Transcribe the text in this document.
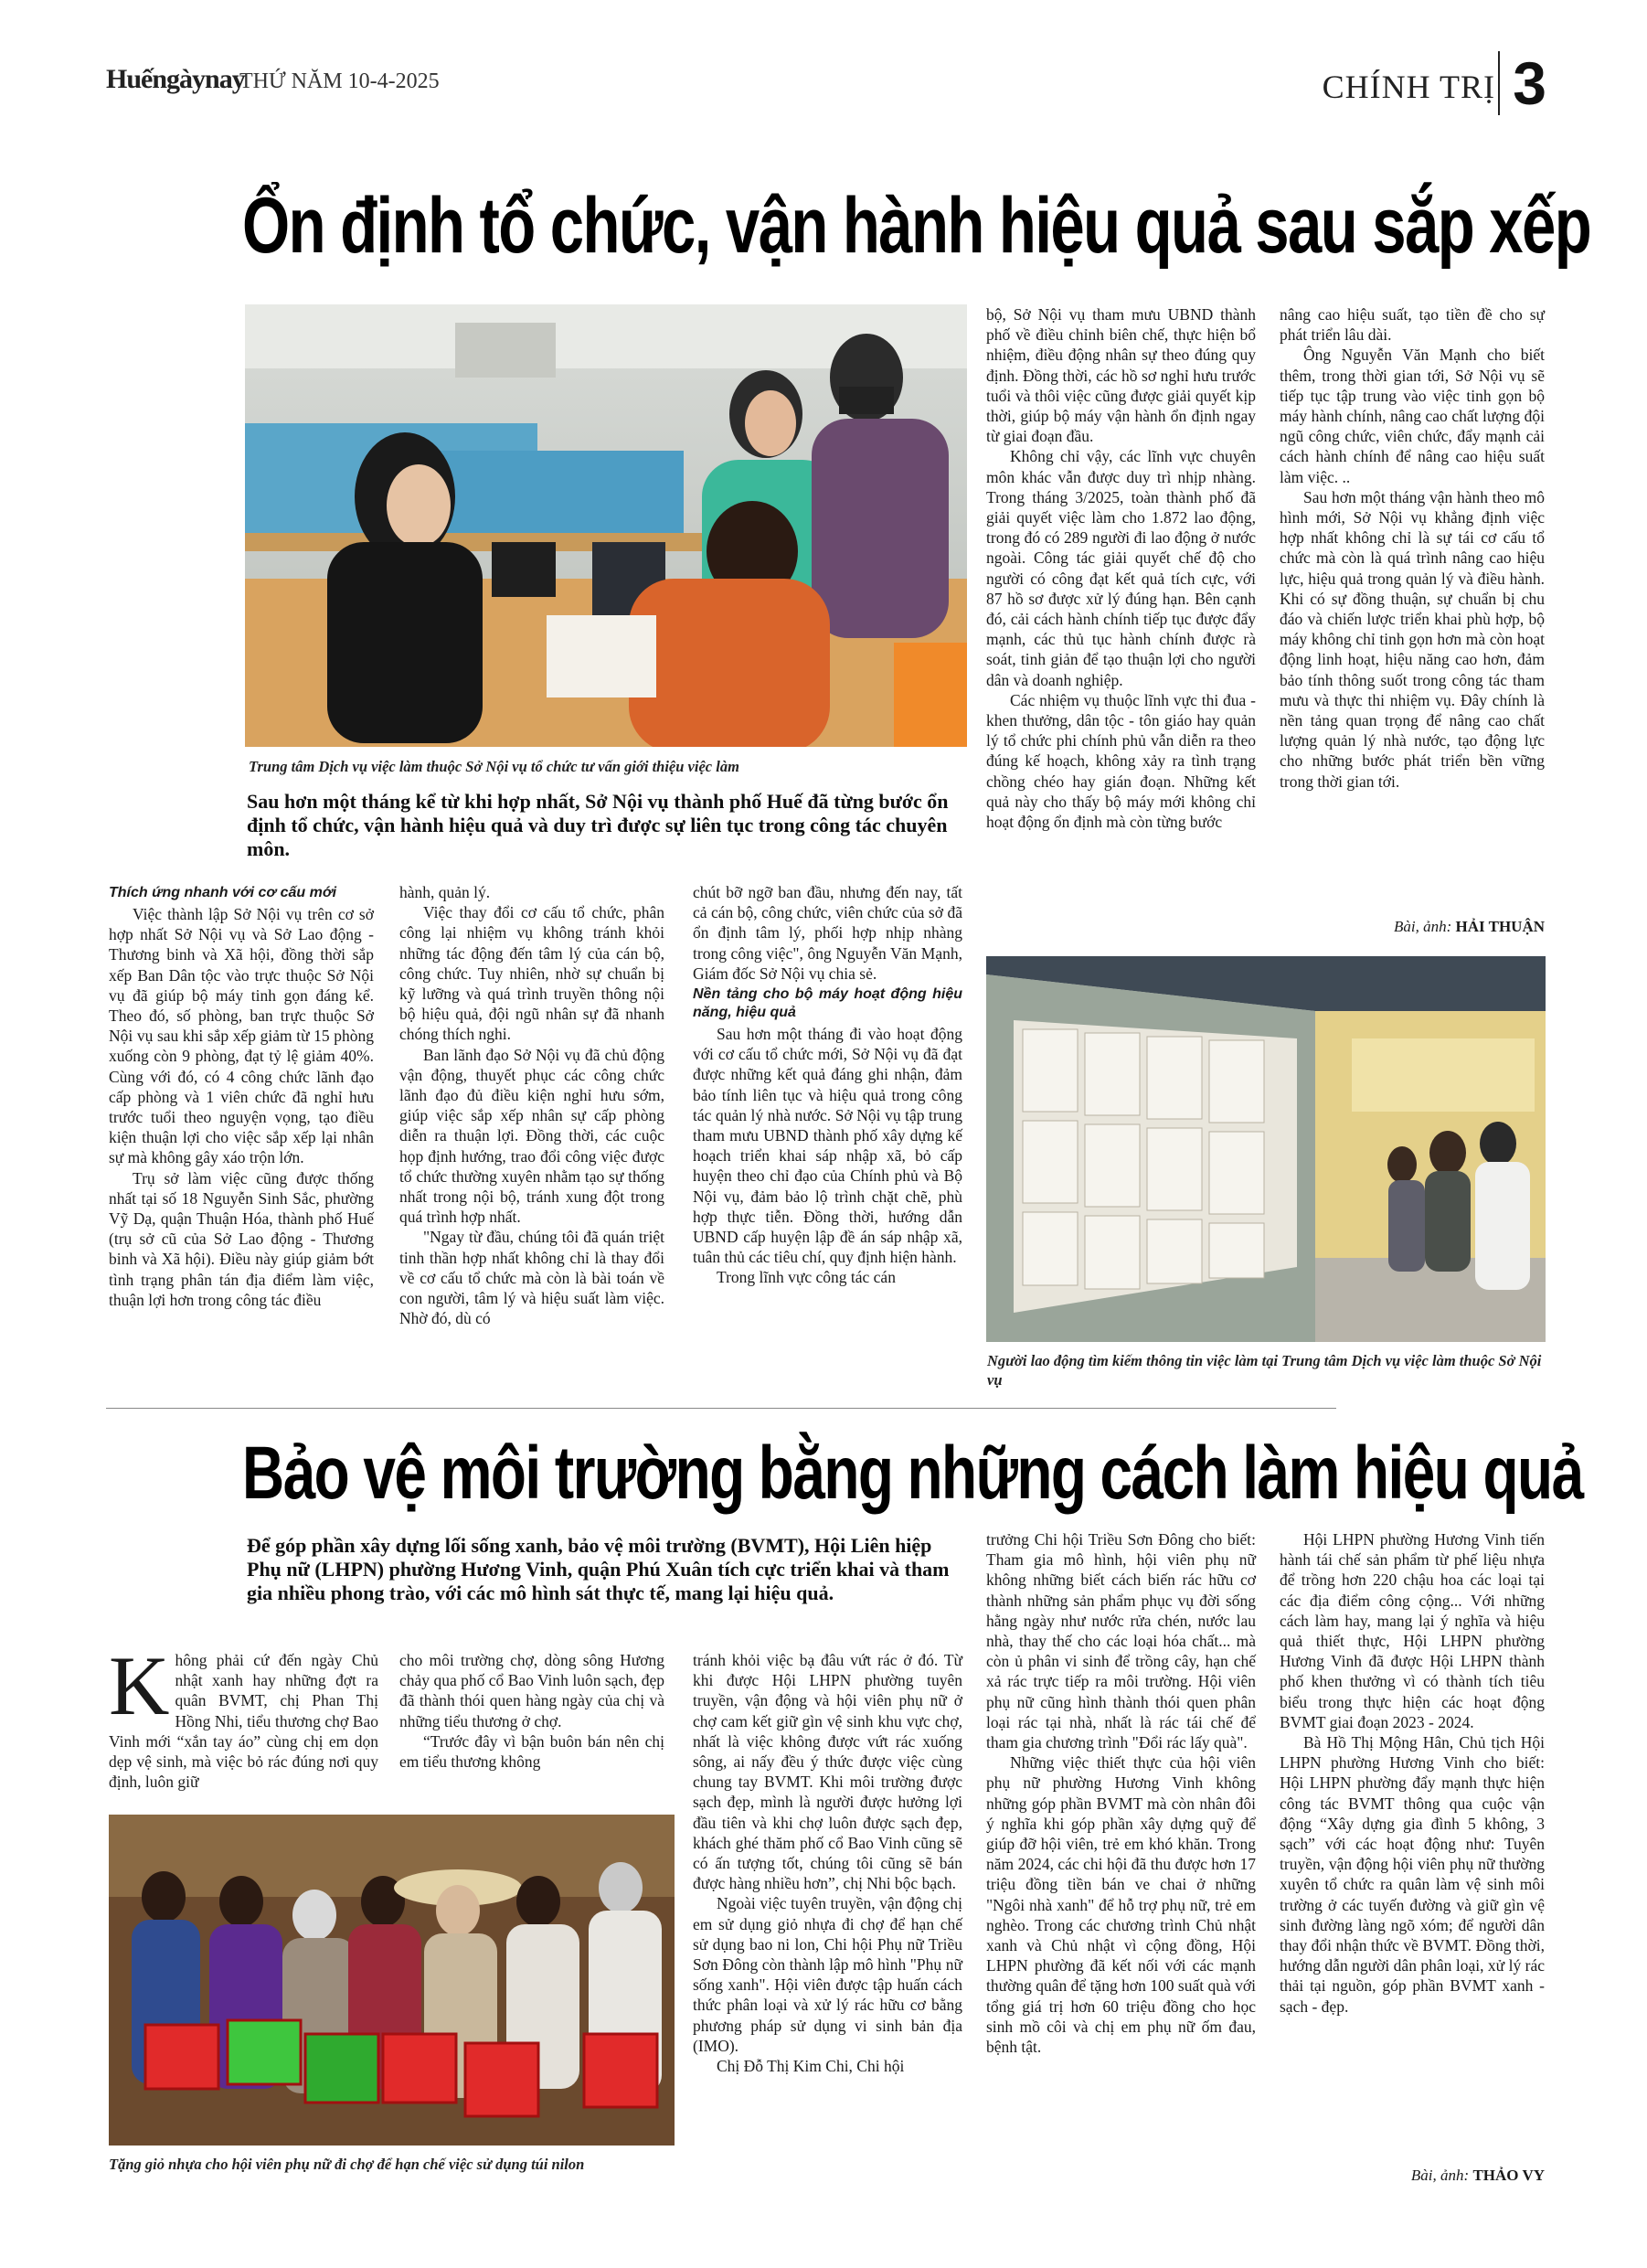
Huếngàynay
THỨ NĂM 10-4-2025	CHÍNH TRỊ 3
Ổn định tổ chức, vận hành hiệu quả sau sắp xếp
Trung tâm Dịch vụ việc làm thuộc Sở Nội vụ tổ chức tư vấn giới thiệu việc làm
Sau hơn một tháng kể từ khi hợp nhất, Sở Nội vụ thành phố Huế đã từng bước ổn định tổ chức, vận hành hiệu quả và duy trì được sự liên tục trong công tác chuyên môn.
Thích ứng nhanh với cơ cấu mới

Việc thành lập Sở Nội vụ trên cơ sở hợp nhất Sở Nội vụ và Sở Lao động - Thương binh và Xã hội, đồng thời sắp xếp Ban Dân tộc vào trực thuộc Sở Nội vụ đã giúp bộ máy tinh gọn đáng kể. Theo đó, số phòng, ban trực thuộc Sở Nội vụ sau khi sắp xếp giảm từ 15 phòng xuống còn 9 phòng, đạt tỷ lệ giảm 40%. Cùng với đó, có 4 công chức lãnh đạo cấp phòng và 1 viên chức đã nghỉ hưu trước tuổi theo nguyện vọng, tạo điều kiện thuận lợi cho việc sắp xếp lại nhân sự mà không gây xáo trộn lớn.

Trụ sở làm việc cũng được thống nhất tại số 18 Nguyễn Sinh Sắc, phường Vỹ Dạ, quận Thuận Hóa, thành phố Huế (trụ sở cũ của Sở Lao động - Thương binh và Xã hội). Điều này giúp giảm bớt tình trạng phân tán địa điểm làm việc, thuận lợi hơn trong công tác điều

hành, quản lý.

Việc thay đổi cơ cấu tổ chức, phân công lại nhiệm vụ không tránh khỏi những tác động đến tâm lý của cán bộ, công chức. Tuy nhiên, nhờ sự chuẩn bị kỹ lưỡng và quá trình truyền thông nội bộ hiệu quả, đội ngũ nhân sự đã nhanh chóng thích nghi.

Ban lãnh đạo Sở Nội vụ đã chủ động vận động, thuyết phục các công chức lãnh đạo đủ điều kiện nghỉ hưu sớm, giúp việc sắp xếp nhân sự cấp phòng diễn ra thuận lợi. Đồng thời, các cuộc họp định hướng, trao đổi công việc được tổ chức thường xuyên nhằm tạo sự thống nhất trong nội bộ, tránh xung đột trong quá trình hợp nhất.

"Ngay từ đầu, chúng tôi đã quán triệt tinh thần hợp nhất không chỉ là thay đổi về cơ cấu tổ chức mà còn là bài toán về con người, tâm lý và hiệu suất làm việc. Nhờ đó, dù có

chút bỡ ngỡ ban đầu, nhưng đến nay, tất cả cán bộ, công chức, viên chức của sở đã ổn định tâm lý, phối hợp nhịp nhàng trong công việc", ông Nguyễn Văn Mạnh, Giám đốc Sở Nội vụ chia sẻ.

Nền tảng cho bộ máy hoạt động hiệu năng, hiệu quả

Sau hơn một tháng đi vào hoạt động với cơ cấu tổ chức mới, Sở Nội vụ đã đạt được những kết quả đáng ghi nhận, đảm bảo tính liên tục và hiệu quả trong công tác quản lý nhà nước. Sở Nội vụ tập trung tham mưu UBND thành phố xây dựng kế hoạch triển khai sáp nhập xã, bỏ cấp huyện theo chỉ đạo của Chính phủ và Bộ Nội vụ, đảm bảo lộ trình chặt chẽ, phù hợp thực tiễn. Đồng thời, hướng dẫn UBND cấp huyện lập đề án sáp nhập xã, tuân thủ các tiêu chí, quy định hiện hành.

Trong lĩnh vực công tác cán

bộ, Sở Nội vụ tham mưu UBND thành phố về điều chỉnh biên chế, thực hiện bổ nhiệm, điều động nhân sự theo đúng quy định. Đồng thời, các hồ sơ nghỉ hưu trước tuổi và thôi việc cũng được giải quyết kịp thời, giúp bộ máy vận hành ổn định ngay từ giai đoạn đầu.

Không chỉ vậy, các lĩnh vực chuyên môn khác vẫn được duy trì nhịp nhàng. Trong tháng 3/2025, toàn thành phố đã giải quyết việc làm cho 1.872 lao động, trong đó có 289 người đi lao động ở nước ngoài. Công tác giải quyết chế độ cho người có công đạt kết quả tích cực, với 87 hồ sơ được xử lý đúng hạn. Bên cạnh đó, cải cách hành chính tiếp tục được đẩy mạnh, các thủ tục hành chính được rà soát, tinh giản để tạo thuận lợi cho người dân và doanh nghiệp.

Các nhiệm vụ thuộc lĩnh vực thi đua - khen thưởng, dân tộc - tôn giáo hay quản lý tổ chức phi chính phủ vẫn diễn ra theo đúng kế hoạch, không xảy ra tình trạng chồng chéo hay gián đoạn. Những kết quả này cho thấy bộ máy mới không chỉ hoạt động ổn định mà còn từng bước

nâng cao hiệu suất, tạo tiền đề cho sự phát triển lâu dài.

Ông Nguyễn Văn Mạnh cho biết thêm, trong thời gian tới, Sở Nội vụ sẽ tiếp tục tập trung vào việc tinh gọn bộ máy hành chính, nâng cao chất lượng đội ngũ công chức, viên chức, đẩy mạnh cải cách hành chính để nâng cao hiệu suất làm việc. ..

Sau hơn một tháng vận hành theo mô hình mới, Sở Nội vụ khẳng định việc hợp nhất không chỉ là sự tái cơ cấu tổ chức mà còn là quá trình nâng cao hiệu lực, hiệu quả trong quản lý và điều hành. Khi có sự đồng thuận, sự chuẩn bị chu đáo và chiến lược triển khai phù hợp, bộ máy không chỉ tinh gọn hơn mà còn hoạt động linh hoạt, hiệu năng cao hơn, đảm bảo tính thông suốt trong công tác tham mưu và thực thi nhiệm vụ. Đây chính là nền tảng quan trọng để nâng cao chất lượng quản lý nhà nước, tạo động lực cho những bước phát triển bền vững trong thời gian tới.

Bài, ảnh: HẢI THUẬN
Người lao động tìm kiếm thông tin việc làm tại Trung tâm Dịch vụ việc làm thuộc Sở Nội vụ
Bảo vệ môi trường bằng những cách làm hiệu quả
Để góp phần xây dựng lối sống xanh, bảo vệ môi trường (BVMT), Hội Liên hiệp Phụ nữ (LHPN) phường Hương Vinh, quận Phú Xuân tích cực triển khai và tham gia nhiều phong trào, với các mô hình sát thực tế, mang lại hiệu quả.

Không phải cứ đến ngày Chủ nhật xanh hay những đợt ra quân BVMT, chị Phan Thị Hồng Nhi, tiểu thương chợ Bao Vinh mới “xắn tay áo” cùng chị em dọn dẹp vệ sinh, mà việc bỏ rác đúng nơi quy định, luôn giữ

cho môi trường chợ, dòng sông Hương chảy qua phố cổ Bao Vinh luôn sạch, đẹp đã thành thói quen hàng ngày của chị và những tiểu thương ở chợ.

“Trước đây vì bận buôn bán nên chị em tiểu thương không

Tặng giỏ nhựa cho hội viên phụ nữ đi chợ để hạn chế việc sử dụng túi nilon

tránh khỏi việc bạ đâu vứt rác ở đó. Từ khi được Hội LHPN phường tuyên truyền, vận động và hội viên phụ nữ ở chợ cam kết giữ gìn vệ sinh khu vực chợ, nhất là việc không được vứt rác xuống sông, ai nấy đều ý thức được việc cùng chung tay BVMT. Khi môi trường được sạch đẹp, mình là người được hưởng lợi đầu tiên và khi chợ luôn được sạch đẹp, khách ghé thăm phố cổ Bao Vinh cũng sẽ có ấn tượng tốt, chúng tôi cũng sẽ bán được hàng nhiều hơn”, chị Nhi bộc bạch.

Ngoài việc tuyên truyền, vận động chị em sử dụng giỏ nhựa đi chợ để hạn chế sử dụng bao ni lon, Chi hội Phụ nữ Triều Sơn Đông còn thành lập mô hình "Phụ nữ sống xanh". Hội viên được tập huấn cách thức phân loại và xử lý rác hữu cơ bằng phương pháp sử dụng vi sinh bản địa (IMO).

Chị Đỗ Thị Kim Chi, Chi hội

trưởng Chi hội Triều Sơn Đông cho biết: Tham gia mô hình, hội viên phụ nữ không những biết cách biến rác hữu cơ thành những sản phẩm phục vụ đời sống hằng ngày như nước rửa chén, nước lau nhà, thay thế cho các loại hóa chất... mà còn ủ phân vi sinh để trồng cây, hạn chế xả rác trực tiếp ra môi trường. Hội viên phụ nữ cũng hình thành thói quen phân loại rác tại nhà, nhất là rác tái chế để tham gia chương trình "Đổi rác lấy quà".

Những việc thiết thực của hội viên phụ nữ phường Hương Vinh không những góp phần BVMT mà còn nhân đôi ý nghĩa khi góp phần xây dựng quỹ để giúp đỡ hội viên, trẻ em khó khăn. Trong năm 2024, các chi hội đã thu được hơn 17 triệu đồng tiền bán ve chai ở những "Ngôi nhà xanh" để hỗ trợ phụ nữ, trẻ em nghèo. Trong các chương trình Chủ nhật xanh và Chủ nhật vì cộng đồng, Hội LHPN phường đã kết nối với các mạnh thường quân để tặng hơn 100 suất quà với tổng giá trị hơn 60 triệu đồng cho học sinh mồ côi và chị em phụ nữ ốm đau, bệnh tật.

Hội LHPN phường Hương Vinh tiến hành tái chế sản phẩm từ phế liệu nhựa để trồng hơn 220 chậu hoa các loại tại các địa điểm công cộng... Với những cách làm hay, mang lại ý nghĩa và hiệu quả thiết thực, Hội LHPN phường Hương Vinh đã được Hội LHPN thành phố khen thưởng vì có thành tích tiêu biểu trong thực hiện các hoạt động BVMT giai đoạn 2023 - 2024.

Bà Hồ Thị Mộng Hân, Chủ tịch Hội LHPN phường Hương Vinh cho biết: Hội LHPN phường đẩy mạnh thực hiện công tác BVMT thông qua cuộc vận động “Xây dựng gia đình 5 không, 3 sạch” với các hoạt động như: Tuyên truyền, vận động hội viên phụ nữ thường xuyên tổ chức ra quân làm vệ sinh môi trường ở các tuyến đường và giữ gìn vệ sinh đường làng ngõ xóm; để người dân thay đổi nhận thức về BVMT. Đồng thời, hướng dẫn người dân phân loại, xử lý rác thải tại nguồn, góp phần BVMT xanh - sạch - đẹp.

Bài, ảnh: THẢO VY
